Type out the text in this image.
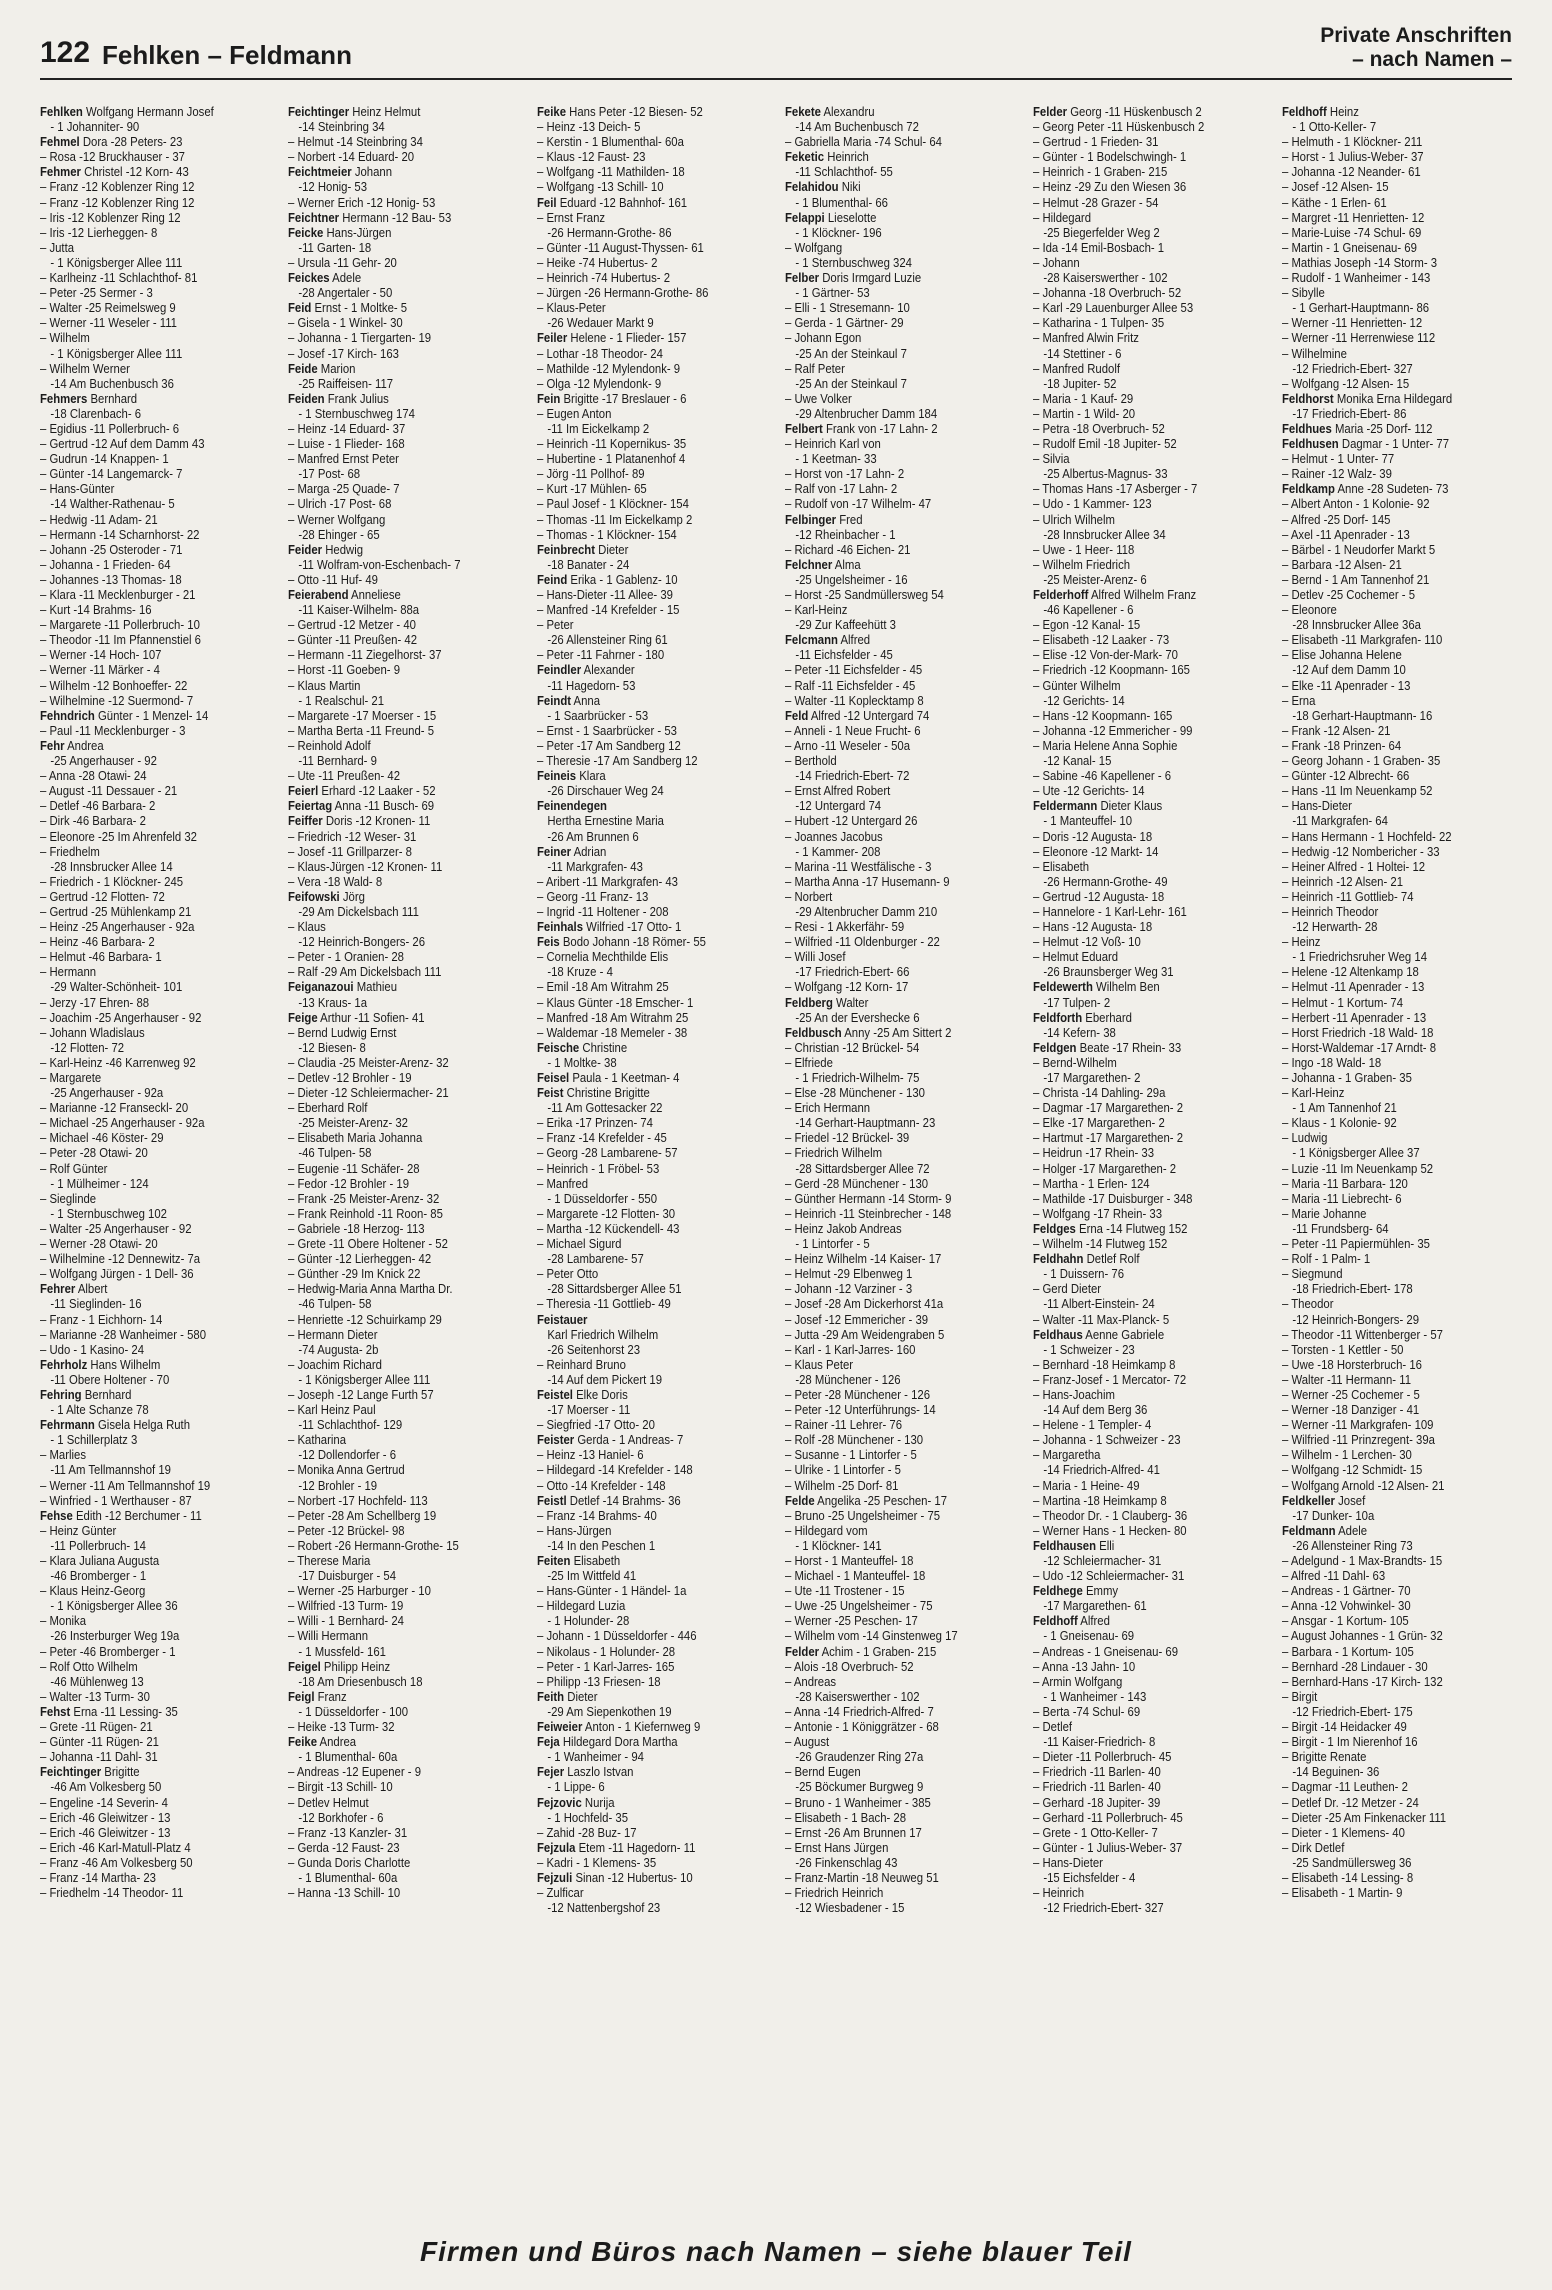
122 Fehlken – Feldmann
Private Anschriften
– nach Namen –
Fehlken Wolfgang Hermann Josef
- 1 Johanniter- 90
Fehmel Dora -28 Peters- 23
– Rosa -12 Bruckhauser - 37
Fehmer Christel -12 Korn- 43
– Franz -12 Koblenzer Ring 12
– Franz -12 Koblenzer Ring 12
– Iris -12 Koblenzer Ring 12
– Iris -12 Lierheggen- 8
– Jutta
- 1 Königsberger Allee 111
– Karlheinz -11 Schlachthof- 81
– Peter -25 Sermer - 3
– Walter -25 Reimelsweg 9
– Werner -11 Weseler - 111
– Wilhelm
- 1 Königsberger Allee 111
– Wilhelm Werner
-14 Am Buchenbusch 36
Fehmers Bernhard
-18 Clarenbach- 6
– Egidius -11 Pollerbruch- 6
– Gertrud -12 Auf dem Damm 43
– Gudrun -14 Knappen- 1
– Günter -14 Langemarck- 7
– Hans-Günter
-14 Walther-Rathenau- 5
– Hedwig -11 Adam- 21
– Hermann -14 Scharnhorst- 22
– Johann -25 Osteroder - 71
– Johanna - 1 Frieden- 64
– Johannes -13 Thomas- 18
– Klara -11 Mecklenburger - 21
– Kurt -14 Brahms- 16
– Margarete -11 Pollerbruch- 10
– Theodor -11 Im Pfannenstiel 6
– Werner -14 Hoch- 107
– Werner -11 Märker - 4
– Wilhelm -12 Bonhoeffer- 22
– Wilhelmine -12 Suermond- 7
Fehndrich Günter - 1 Menzel- 14
– Paul -11 Mecklenburger - 3
Fehr Andrea
-25 Angerhauser - 92
– Anna -28 Otawi- 24
– August -11 Dessauer - 21
– Detlef -46 Barbara- 2
– Dirk -46 Barbara- 2
– Eleonore -25 Im Ahrenfeld 32
– Friedhelm
-28 Innsbrucker Allee 14
– Friedrich - 1 Klöckner- 245
– Gertrud -12 Flotten- 72
– Gertrud -25 Mühlenkamp 21
– Heinz -25 Angerhauser - 92a
– Heinz -46 Barbara- 2
– Helmut -46 Barbara- 1
– Hermann
-29 Walter-Schönheit- 101
– Jerzy -17 Ehren- 88
– Joachim -25 Angerhauser - 92
– Johann Wladislaus
-12 Flotten- 72
– Karl-Heinz -46 Karrenweg 92
– Margarete
-25 Angerhauser - 92a
– Marianne -12 Franseckl- 20
– Michael -25 Angerhauser - 92a
– Michael -46 Köster- 29
– Peter -28 Otawi- 20
– Rolf Günter
- 1 Mülheimer - 124
– Sieglinde
- 1 Sternbuschweg 102
– Walter -25 Angerhauser - 92
– Werner -28 Otawi- 20
– Wilhelmine -12 Dennewitz- 7a
– Wolfgang Jürgen - 1 Dell- 36
Fehrer Albert
-11 Sieglinden- 16
– Franz - 1 Eichhorn- 14
– Marianne -28 Wanheimer - 580
– Udo - 1 Kasino- 24
Fehrholz Hans Wilhelm
-11 Obere Holtener - 70
Fehring Bernhard
- 1 Alte Schanze 78
Fehrmann Gisela Helga Ruth
- 1 Schillerplatz 3
– Marlies
-11 Am Tellmannshof 19
– Werner -11 Am Tellmannshof 19
– Winfried - 1 Werthauser - 87
Fehse Edith -12 Berchumer - 11
– Heinz Günter
-11 Pollerbruch- 14
– Klara Juliana Augusta
-46 Bromberger - 1
– Klaus Heinz-Georg
- 1 Königsberger Allee 36
– Monika
-26 Insterburger Weg 19a
– Peter -46 Bromberger - 1
– Rolf Otto Wilhelm
-46 Mühlenweg 13
– Walter -13 Turm- 30
Fehst Erna -11 Lessing- 35
– Grete -11 Rügen- 21
– Günter -11 Rügen- 21
– Johanna -11 Dahl- 31
Feichtinger Brigitte
-46 Am Volkesberg 50
– Engeline -14 Severin- 4
– Erich -46 Gleiwitzer - 13
– Erich -46 Gleiwitzer - 13
– Erich -46 Karl-Matull-Platz 4
– Franz -46 Am Volkesberg 50
– Franz -14 Martha- 23
– Friedhelm -14 Theodor- 11
Feichtinger Heinz Helmut
-14 Steinbring 34
– Helmut -14 Steinbring 34
– Norbert -14 Eduard- 20
Feichtmeier Johann
-12 Honig- 53
– Werner Erich -12 Honig- 53
Feichtner Hermann -12 Bau- 53
Feicke Hans-Jürgen
-11 Garten- 18
– Ursula -11 Gehr- 20
Feickes Adele
-28 Angertaler - 50
Feid Ernst - 1 Moltke- 5
– Gisela - 1 Winkel- 30
– Johanna - 1 Tiergarten- 19
– Josef -17 Kirch- 163
Feide Marion
-25 Raiffeisen- 117
Feiden Frank Julius
- 1 Sternbuschweg 174
– Heinz -14 Eduard- 37
– Luise - 1 Flieder- 168
– Manfred Ernst Peter
-17 Post- 68
– Marga -25 Quade- 7
– Ulrich -17 Post- 68
– Werner Wolfgang
-28 Ehinger - 65
Feider Hedwig
-11 Wolfram-von-Eschenbach- 7
– Otto -11 Huf- 49
Feierabend Anneliese
-11 Kaiser-Wilhelm- 88a
– Gertrud -12 Metzer - 40
– Günter -11 Preußen- 42
– Hermann -11 Ziegelhorst- 37
– Horst -11 Goeben- 9
– Klaus Martin
- 1 Realschul- 21
– Margarete -17 Moerser - 15
– Martha Berta -11 Freund- 5
– Reinhold Adolf
-11 Bernhard- 9
– Ute -11 Preußen- 42
Feierl Erhard -12 Laaker - 52
Feiertag Anna -11 Busch- 69
Feiffer Doris -12 Kronen- 11
– Friedrich -12 Weser- 31
– Josef -11 Grillparzer- 8
– Klaus-Jürgen -12 Kronen- 11
– Vera -18 Wald- 8
Feifowski Jörg
-29 Am Dickelsbach 111
– Klaus
-12 Heinrich-Bongers- 26
– Peter - 1 Oranien- 28
– Ralf -29 Am Dickelsbach 111
Feiganazoui Mathieu
-13 Kraus- 1a
Feige Arthur -11 Sofien- 41
– Bernd Ludwig Ernst
-12 Biesen- 8
– Claudia -25 Meister-Arenz- 32
– Detlev -12 Brohler - 19
– Dieter -12 Schleiermacher- 21
– Eberhard Rolf
-25 Meister-Arenz- 32
– Elisabeth Maria Johanna
-46 Tulpen- 58
– Eugenie -11 Schäfer- 28
– Fedor -12 Brohler - 19
– Frank -25 Meister-Arenz- 32
– Frank Reinhold -11 Roon- 85
– Gabriele -18 Herzog- 113
– Grete -11 Obere Holtener - 52
– Günter -12 Lierheggen- 42
– Günther -29 Im Knick 22
– Hedwig-Maria Anna Martha Dr.
-46 Tulpen- 58
– Henriette -12 Schuirkamp 29
– Hermann Dieter
-74 Augusta- 2b
– Joachim Richard
- 1 Königsberger Allee 111
– Joseph -12 Lange Furth 57
– Karl Heinz Paul
-11 Schlachthof- 129
– Katharina
-12 Dollendorfer - 6
– Monika Anna Gertrud
-12 Brohler - 19
– Norbert -17 Hochfeld- 113
– Peter -28 Am Schellberg 19
– Peter -12 Brückel- 98
– Robert -26 Hermann-Grothe- 15
– Therese Maria
-17 Duisburger - 54
– Werner -25 Harburger - 10
– Wilfried -13 Turm- 19
– Willi - 1 Bernhard- 24
– Willi Hermann
- 1 Mussfeld- 161
Feigel Philipp Heinz
-18 Am Driesenbusch 18
Feigl Franz
- 1 Düsseldorfer - 100
– Heike -13 Turm- 32
Feike Andrea
- 1 Blumenthal- 60a
– Andreas -12 Eupener - 9
– Birgit -13 Schill- 10
– Detlev Helmut
-12 Borkhofer - 6
– Franz -13 Kanzler- 31
– Gerda -12 Faust- 23
– Gunda Doris Charlotte
- 1 Blumenthal- 60a
– Hanna -13 Schill- 10
Feike Hans Peter -12 Biesen- 52
– Heinz -13 Deich- 5
– Kerstin - 1 Blumenthal- 60a
– Klaus -12 Faust- 23
– Wolfgang -11 Mathilden- 18
– Wolfgang -13 Schill- 10
Feil Eduard -12 Bahnhof- 161
– Ernst Franz
-26 Hermann-Grothe- 86
– Günter -11 August-Thyssen- 61
– Heike -74 Hubertus- 2
– Heinrich -74 Hubertus- 2
– Jürgen -26 Hermann-Grothe- 86
– Klaus-Peter
-26 Wedauer Markt 9
Feiler Helene - 1 Flieder- 157
– Lothar -18 Theodor- 24
– Mathilde -12 Mylendonk- 9
– Olga -12 Mylendonk- 9
Fein Brigitte -17 Breslauer - 6
– Eugen Anton
-11 Im Eickelkamp 2
– Heinrich -11 Kopernikus- 35
– Hubertine - 1 Platanenhof 4
– Jörg -11 Pollhof- 89
– Kurt -17 Mühlen- 65
– Paul Josef - 1 Klöckner- 154
– Thomas -11 Im Eickelkamp 2
– Thomas - 1 Klöckner- 154
Feinbrecht Dieter
-18 Banater - 24
Feind Erika - 1 Gablenz- 10
– Hans-Dieter -11 Allee- 39
– Manfred -14 Krefelder - 15
– Peter
-26 Allensteiner Ring 61
– Peter -11 Fahrner - 180
Feindler Alexander
-11 Hagedorn- 53
Feindt Anna
- 1 Saarbrücker - 53
– Ernst - 1 Saarbrücker - 53
– Peter -17 Am Sandberg 12
– Theresie -17 Am Sandberg 12
Feineis Klara
-26 Dirschauer Weg 24
Feinendegen
Hertha Ernestine Maria
-26 Am Brunnen 6
Feiner Adrian
-11 Markgrafen- 43
– Aribert -11 Markgrafen- 43
– Georg -11 Franz- 13
– Ingrid -11 Holtener - 208
Feinhals Wilfried -17 Otto- 1
Feis Bodo Johann -18 Römer- 55
– Cornelia Mechthilde Elis
-18 Kruze - 4
– Emil -18 Am Witrahm 25
– Klaus Günter -18 Emscher- 1
– Manfred -18 Am Witrahm 25
– Waldemar -18 Memeler - 38
Feische Christine
- 1 Moltke- 38
Feisel Paula - 1 Keetman- 4
Feist Christine Brigitte
-11 Am Gottesacker 22
– Erika -17 Prinzen- 74
– Franz -14 Krefelder - 45
– Georg -28 Lambarene- 57
– Heinrich - 1 Fröbel- 53
– Manfred
- 1 Düsseldorfer - 550
– Margarete -12 Flotten- 30
– Martha -12 Kückendell- 43
– Michael Sigurd
-28 Lambarene- 57
– Peter Otto
-28 Sittardsberger Allee 51
– Theresia -11 Gottlieb- 49
Feistauer
Karl Friedrich Wilhelm
-26 Seitenhorst 23
– Reinhard Bruno
-14 Auf dem Pickert 19
Feistel Elke Doris
-17 Moerser - 11
– Siegfried -17 Otto- 20
Feister Gerda - 1 Andreas- 7
– Heinz -13 Haniel- 6
– Hildegard -14 Krefelder - 148
– Otto -14 Krefelder - 148
Feistl Detlef -14 Brahms- 36
– Franz -14 Brahms- 40
– Hans-Jürgen
-14 In den Peschen 1
Feiten Elisabeth
-25 Im Wittfeld 41
– Hans-Günter - 1 Händel- 1a
– Hildegard Luzia
- 1 Holunder- 28
– Johann - 1 Düsseldorfer - 446
– Nikolaus - 1 Holunder- 28
– Peter - 1 Karl-Jarres- 165
– Philipp -13 Friesen- 18
Feith Dieter
-29 Am Siepenkothen 19
Feiweier Anton - 1 Kiefernweg 9
Feja Hildegard Dora Martha
- 1 Wanheimer - 94
Fejer Laszlo Istvan
- 1 Lippe- 6
Fejzovic Nurija
- 1 Hochfeld- 35
– Zahid -28 Buz- 17
Fejzula Etem -11 Hagedorn- 11
– Kadri - 1 Klemens- 35
Fejzuli Sinan -12 Hubertus- 10
– Zulficar
-12 Nattenbergshof 23
Fekete Alexandru
-14 Am Buchenbusch 72
– Gabriella Maria -74 Schul- 64
Feketic Heinrich
-11 Schlachthof- 55
Felahidou Niki
- 1 Blumenthal- 66
Felappi Lieselotte
- 1 Klöckner- 196
– Wolfgang
- 1 Sternbuschweg 324
Felber Doris Irmgard Luzie
- 1 Gärtner- 53
– Elli - 1 Stresemann- 10
– Gerda - 1 Gärtner- 29
– Johann Egon
-25 An der Steinkaul 7
– Ralf Peter
-25 An der Steinkaul 7
– Uwe Volker
-29 Altenbrucher Damm 184
Felbert Frank von -17 Lahn- 2
– Heinrich Karl von
- 1 Keetman- 33
– Horst von -17 Lahn- 2
– Ralf von -17 Lahn- 2
– Rudolf von -17 Wilhelm- 47
Felbinger Fred
-12 Rheinbacher - 1
– Richard -46 Eichen- 21
Felchner Alma
-25 Ungelsheimer - 16
– Horst -25 Sandmüllersweg 54
– Karl-Heinz
-29 Zur Kaffeehütt 3
Felcmann Alfred
-11 Eichsfelder - 45
– Peter -11 Eichsfelder - 45
– Ralf -11 Eichsfelder - 45
– Walter -11 Koplecktamp 8
Feld Alfred -12 Untergard 74
– Anneli - 1 Neue Frucht- 6
– Arno -11 Weseler - 50a
– Berthold
-14 Friedrich-Ebert- 72
– Ernst Alfred Robert
-12 Untergard 74
– Hubert -12 Untergard 26
– Joannes Jacobus
- 1 Kammer- 208
– Marina -11 Westfälische - 3
– Martha Anna -17 Husemann- 9
– Norbert
-29 Altenbrucher Damm 210
– Resi - 1 Akkerfähr- 59
– Wilfried -11 Oldenburger - 22
– Willi Josef
-17 Friedrich-Ebert- 66
– Wolfgang -12 Korn- 17
Feldberg Walter
-25 An der Evershecke 6
Feldbusch Anny -25 Am Sittert 2
– Christian -12 Brückel- 54
– Elfriede
- 1 Friedrich-Wilhelm- 75
– Else -28 Münchener - 130
– Erich Hermann
-14 Gerhart-Hauptmann- 23
– Friedel -12 Brückel- 39
– Friedrich Wilhelm
-28 Sittardsberger Allee 72
– Gerd -28 Münchener - 130
– Günther Hermann -14 Storm- 9
– Heinrich -11 Steinbrecher - 148
– Heinz Jakob Andreas
- 1 Lintorfer - 5
– Heinz Wilhelm -14 Kaiser- 17
– Helmut -29 Elbenweg 1
– Johann -12 Varziner - 3
– Josef -28 Am Dickerhorst 41a
– Josef -12 Emmericher - 39
– Jutta -29 Am Weidengraben 5
– Karl - 1 Karl-Jarres- 160
– Klaus Peter
-28 Münchener - 126
– Peter -28 Münchener - 126
– Peter -12 Unterführungs- 14
– Rainer -11 Lehrer- 76
– Rolf -28 Münchener - 130
– Susanne - 1 Lintorfer - 5
– Ulrike - 1 Lintorfer - 5
– Wilhelm -25 Dorf- 81
Felde Angelika -25 Peschen- 17
– Bruno -25 Ungelsheimer - 75
– Hildegard vom
- 1 Klöckner- 141
– Horst - 1 Manteuffel- 18
– Michael - 1 Manteuffel- 18
– Ute -11 Trostener - 15
– Uwe -25 Ungelsheimer - 75
– Werner -25 Peschen- 17
– Wilhelm vom -14 Ginstenweg 17
Felder Achim - 1 Graben- 215
– Alois -18 Overbruch- 52
– Andreas
-28 Kaiserswerther - 102
– Anna -14 Friedrich-Alfred- 7
– Antonie - 1 Königgrätzer - 68
– August
-26 Graudenzer Ring 27a
– Bernd Eugen
-25 Böckumer Burgweg 9
– Bruno - 1 Wanheimer - 385
– Elisabeth - 1 Bach- 28
– Ernst -26 Am Brunnen 17
– Ernst Hans Jürgen
-26 Finkenschlag 43
– Franz-Martin -18 Neuweg 51
– Friedrich Heinrich
-12 Wiesbadener - 15
Felder Georg -11 Hüskenbusch 2
– Georg Peter -11 Hüskenbusch 2
– Gertrud - 1 Frieden- 31
– Günter - 1 Bodelschwingh- 1
– Heinrich - 1 Graben- 215
– Heinz -29 Zu den Wiesen 36
– Helmut -28 Grazer - 54
– Hildegard
-25 Biegerfelder Weg 2
– Ida -14 Emil-Bosbach- 1
– Johann
-28 Kaiserswerther - 102
– Johanna -18 Overbruch- 52
– Karl -29 Lauenburger Allee 53
– Katharina - 1 Tulpen- 35
– Manfred Alwin Fritz
-14 Stettiner - 6
– Manfred Rudolf
-18 Jupiter- 52
– Maria - 1 Kauf- 29
– Martin - 1 Wild- 20
– Petra -18 Overbruch- 52
– Rudolf Emil -18 Jupiter- 52
– Silvia
-25 Albertus-Magnus- 33
– Thomas Hans -17 Asberger - 7
– Udo - 1 Kammer- 123
– Ulrich Wilhelm
-28 Innsbrucker Allee 34
– Uwe - 1 Heer- 118
– Wilhelm Friedrich
-25 Meister-Arenz- 6
Felderhoff Alfred Wilhelm Franz
-46 Kapellener - 6
– Egon -12 Kanal- 15
– Elisabeth -12 Laaker - 73
– Elise -12 Von-der-Mark- 70
– Friedrich -12 Koopmann- 165
– Günter Wilhelm
-12 Gerichts- 14
– Hans -12 Koopmann- 165
– Johanna -12 Emmericher - 99
– Maria Helene Anna Sophie
-12 Kanal- 15
– Sabine -46 Kapellener - 6
– Ute -12 Gerichts- 14
Feldermann Dieter Klaus
- 1 Manteuffel- 10
– Doris -12 Augusta- 18
– Eleonore -12 Markt- 14
– Elisabeth
-26 Hermann-Grothe- 49
– Gertrud -12 Augusta- 18
– Hannelore - 1 Karl-Lehr- 161
– Hans -12 Augusta- 18
– Helmut -12 Voß- 10
– Helmut Eduard
-26 Braunsberger Weg 31
Feldewerth Wilhelm Ben
-17 Tulpen- 2
Feldforth Eberhard
-14 Kefern- 38
Feldgen Beate -17 Rhein- 33
– Bernd-Wilhelm
-17 Margarethen- 2
– Christa -14 Dahling- 29a
– Dagmar -17 Margarethen- 2
– Elke -17 Margarethen- 2
– Hartmut -17 Margarethen- 2
– Heidrun -17 Rhein- 33
– Holger -17 Margarethen- 2
– Martha - 1 Erlen- 124
– Mathilde -17 Duisburger - 348
– Wolfgang -17 Rhein- 33
Feldges Erna -14 Flutweg 152
– Wilhelm -14 Flutweg 152
Feldhahn Detlef Rolf
- 1 Duissern- 76
– Gerd Dieter
-11 Albert-Einstein- 24
– Walter -11 Max-Planck- 5
Feldhaus Aenne Gabriele
- 1 Schweizer - 23
– Bernhard -18 Heimkamp 8
– Franz-Josef - 1 Mercator- 72
– Hans-Joachim
-14 Auf dem Berg 36
– Helene - 1 Templer- 4
– Johanna - 1 Schweizer - 23
– Margaretha
-14 Friedrich-Alfred- 41
– Maria - 1 Heine- 49
– Martina -18 Heimkamp 8
– Theodor Dr. - 1 Clauberg- 36
– Werner Hans - 1 Hecken- 80
Feldhausen Elli
-12 Schleiermacher- 31
– Udo -12 Schleiermacher- 31
Feldhege Emmy
-17 Margarethen- 61
Feldhoff Alfred
- 1 Gneisenau- 69
– Andreas - 1 Gneisenau- 69
– Anna -13 Jahn- 10
– Armin Wolfgang
- 1 Wanheimer - 143
– Berta -74 Schul- 69
– Detlef
-11 Kaiser-Friedrich- 8
– Dieter -11 Pollerbruch- 45
– Friedrich -11 Barlen- 40
– Friedrich -11 Barlen- 40
– Gerhard -18 Jupiter- 39
– Gerhard -11 Pollerbruch- 45
– Grete - 1 Otto-Keller- 7
– Günter - 1 Julius-Weber- 37
– Hans-Dieter
-15 Eichsfelder - 4
– Heinrich
-12 Friedrich-Ebert- 327
Feldhoff Heinz
- 1 Otto-Keller- 7
– Helmuth - 1 Klöckner- 211
– Horst - 1 Julius-Weber- 37
– Johanna -12 Neander- 61
– Josef -12 Alsen- 15
– Käthe - 1 Erlen- 61
– Margret -11 Henrietten- 12
– Marie-Luise -74 Schul- 69
– Martin - 1 Gneisenau- 69
– Mathias Joseph -14 Storm- 3
– Rudolf - 1 Wanheimer - 143
– Sibylle
- 1 Gerhart-Hauptmann- 86
– Werner -11 Henrietten- 12
– Werner -11 Herrenwiese 112
– Wilhelmine
-12 Friedrich-Ebert- 327
– Wolfgang -12 Alsen- 15
Feldhorst Monika Erna Hildegard
-17 Friedrich-Ebert- 86
Feldhues Maria -25 Dorf- 112
Feldhusen Dagmar - 1 Unter- 77
– Helmut - 1 Unter- 77
– Rainer -12 Walz- 39
Feldkamp Anne -28 Sudeten- 73
– Albert Anton - 1 Kolonie- 92
– Alfred -25 Dorf- 145
– Axel -11 Apenrader - 13
– Bärbel - 1 Neudorfer Markt 5
– Barbara -12 Alsen- 21
– Bernd - 1 Am Tannenhof 21
– Detlev -25 Cochemer - 5
– Eleonore
-28 Innsbrucker Allee 36a
– Elisabeth -11 Markgrafen- 110
– Elise Johanna Helene
-12 Auf dem Damm 10
– Elke -11 Apenrader - 13
– Erna
-18 Gerhart-Hauptmann- 16
– Frank -12 Alsen- 21
– Frank -18 Prinzen- 64
– Georg Johann - 1 Graben- 35
– Günter -12 Albrecht- 66
– Hans -11 Im Neuenkamp 52
– Hans-Dieter
-11 Markgrafen- 64
– Hans Hermann - 1 Hochfeld- 22
– Hedwig -12 Nombericher - 33
– Heiner Alfred - 1 Holtei- 12
– Heinrich -12 Alsen- 21
– Heinrich -11 Gottlieb- 74
– Heinrich Theodor
-12 Herwarth- 28
– Heinz
- 1 Friedrichsruher Weg 14
– Helene -12 Altenkamp 18
– Helmut -11 Apenrader - 13
– Helmut - 1 Kortum- 74
– Herbert -11 Apenrader - 13
– Horst Friedrich -18 Wald- 18
– Horst-Waldemar -17 Arndt- 8
– Ingo -18 Wald- 18
– Johanna - 1 Graben- 35
– Karl-Heinz
- 1 Am Tannenhof 21
– Klaus - 1 Kolonie- 92
– Ludwig
- 1 Königsberger Allee 37
– Luzie -11 Im Neuenkamp 52
– Maria -11 Barbara- 120
– Maria -11 Liebrecht- 6
– Marie Johanne
-11 Frundsberg- 64
– Peter -11 Papiermühlen- 35
– Rolf - 1 Palm- 1
– Siegmund
-18 Friedrich-Ebert- 178
– Theodor
-12 Heinrich-Bongers- 29
– Theodor -11 Wittenberger - 57
– Torsten - 1 Kettler - 50
– Uwe -18 Horsterbruch- 16
– Walter -11 Hermann- 11
– Werner -25 Cochemer - 5
– Werner -18 Danziger - 41
– Werner -11 Markgrafen- 109
– Wilfried -11 Prinzregent- 39a
– Wilhelm - 1 Lerchen- 30
– Wolfgang -12 Schmidt- 15
– Wolfgang Arnold -12 Alsen- 21
Feldkeller Josef
-17 Dunker- 10a
Feldmann Adele
-26 Allensteiner Ring 73
– Adelgund - 1 Max-Brandts- 15
– Alfred -11 Dahl- 63
– Andreas - 1 Gärtner- 70
– Anna -12 Vohwinkel- 30
– Ansgar - 1 Kortum- 105
– August Johannes - 1 Grün- 32
– Barbara - 1 Kortum- 105
– Bernhard -28 Lindauer - 30
– Bernhard-Hans -17 Kirch- 132
– Birgit
-12 Friedrich-Ebert- 175
– Birgit -14 Heidacker 49
– Birgit - 1 Im Nierenhof 16
– Brigitte Renate
-14 Beguinen- 36
– Dagmar -11 Leuthen- 2
– Detlef Dr. -12 Metzer - 24
– Dieter -25 Am Finkenacker 111
– Dieter - 1 Klemens- 40
– Dirk Detlef
-25 Sandmüllersweg 36
– Elisabeth -14 Lessing- 8
– Elisabeth - 1 Martin- 9
Firmen und Büros nach Namen – siehe blauer Teil
